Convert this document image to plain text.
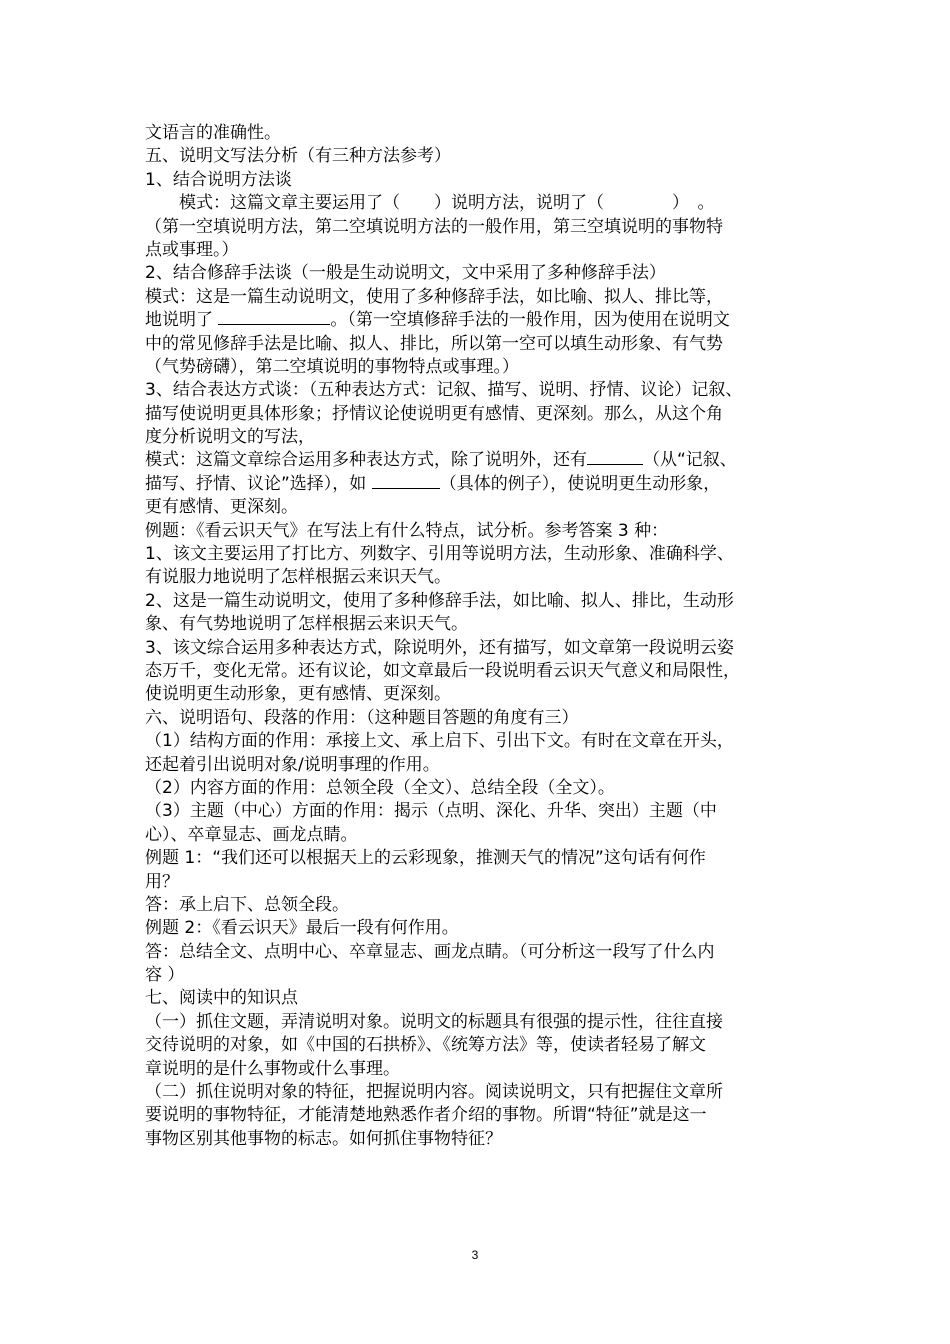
文语言的准确性。
五、说明文写法分析（有三种方法参考）
1、结合说明方法谈
模式：这篇文章主要运用了（　　）说明方法，说明了（　　　　）　。
（第一空填说明方法，第二空填说明方法的一般作用，第三空填说明的事物特
点或事理。）
2、结合修辞手法谈（一般是生动说明文，文中采用了多种修辞手法）
模式：这是一篇生动说明文，使用了多种修辞手法，如比喻、拟人、排比等，
地说明了	。（第一空填修辞手法的一般作用，因为使用在说明文
中的常见修辞手法是比喻、拟人、排比，所以第一空可以填生动形象、有气势
（气势磅礴），第二空填说明的事物特点或事理。）
3、结合表达方式谈：（五种表达方式：记叙、描写、说明、抒情、议论）记叙、
描写使说明更具体形象；抒情议论使说明更有感情、更深刻。那么，从这个角
度分析说明文的写法，
模式：这篇文章综合运用多种表达方式，除了说明外，还有	（从“记叙、
描写、抒情、议论”选择），如	（具体的例子），使说明更生动形象，
更有感情、更深刻。
例题：《看云识天气》在写法上有什么特点，试分析。参考答案 3 种：
1、该文主要运用了打比方、列数字、引用等说明方法，生动形象、准确科学、
有说服力地说明了怎样根据云来识天气。
2、这是一篇生动说明文，使用了多种修辞手法，如比喻、拟人、排比，生动形
象、有气势地说明了怎样根据云来识天气。
3、该文综合运用多种表达方式，除说明外，还有描写，如文章第一段说明云姿
态万千，变化无常。还有议论，如文章最后一段说明看云识天气意义和局限性，
使说明更生动形象，更有感情、更深刻。
六、说明语句、段落的作用：（这种题目答题的角度有三）
（1）结构方面的作用：承接上文、承上启下、引出下文。有时在文章在开头，
还起着引出说明对象/说明事理的作用。
（2）内容方面的作用：总领全段（全文）、总结全段（全文）。
（3）主题（中心）方面的作用：揭示（点明、深化、升华、突出）主题（中
心）、卒章显志、画龙点睛。
例题 1：“我们还可以根据天上的云彩现象，推测天气的情况”这句话有何作
用？
答：承上启下、总领全段。
例题 2：《看云识天》最后一段有何作用。
答：总结全文、点明中心、卒章显志、画龙点睛。（可分析这一段写了什么内
容 ）
七、阅读中的知识点
（一）抓住文题，弄清说明对象。说明文的标题具有很强的提示性，往往直接
交待说明的对象，如《中国的石拱桥》、《统筹方法》等，使读者轻易了解文
章说明的是什么事物或什么事理。
（二）抓住说明对象的特征，把握说明内容。阅读说明文，只有把握住文章所
要说明的事物特征，才能清楚地熟悉作者介绍的事物。所谓“特征”就是这一
事物区别其他事物的标志。如何抓住事物特征？
3
